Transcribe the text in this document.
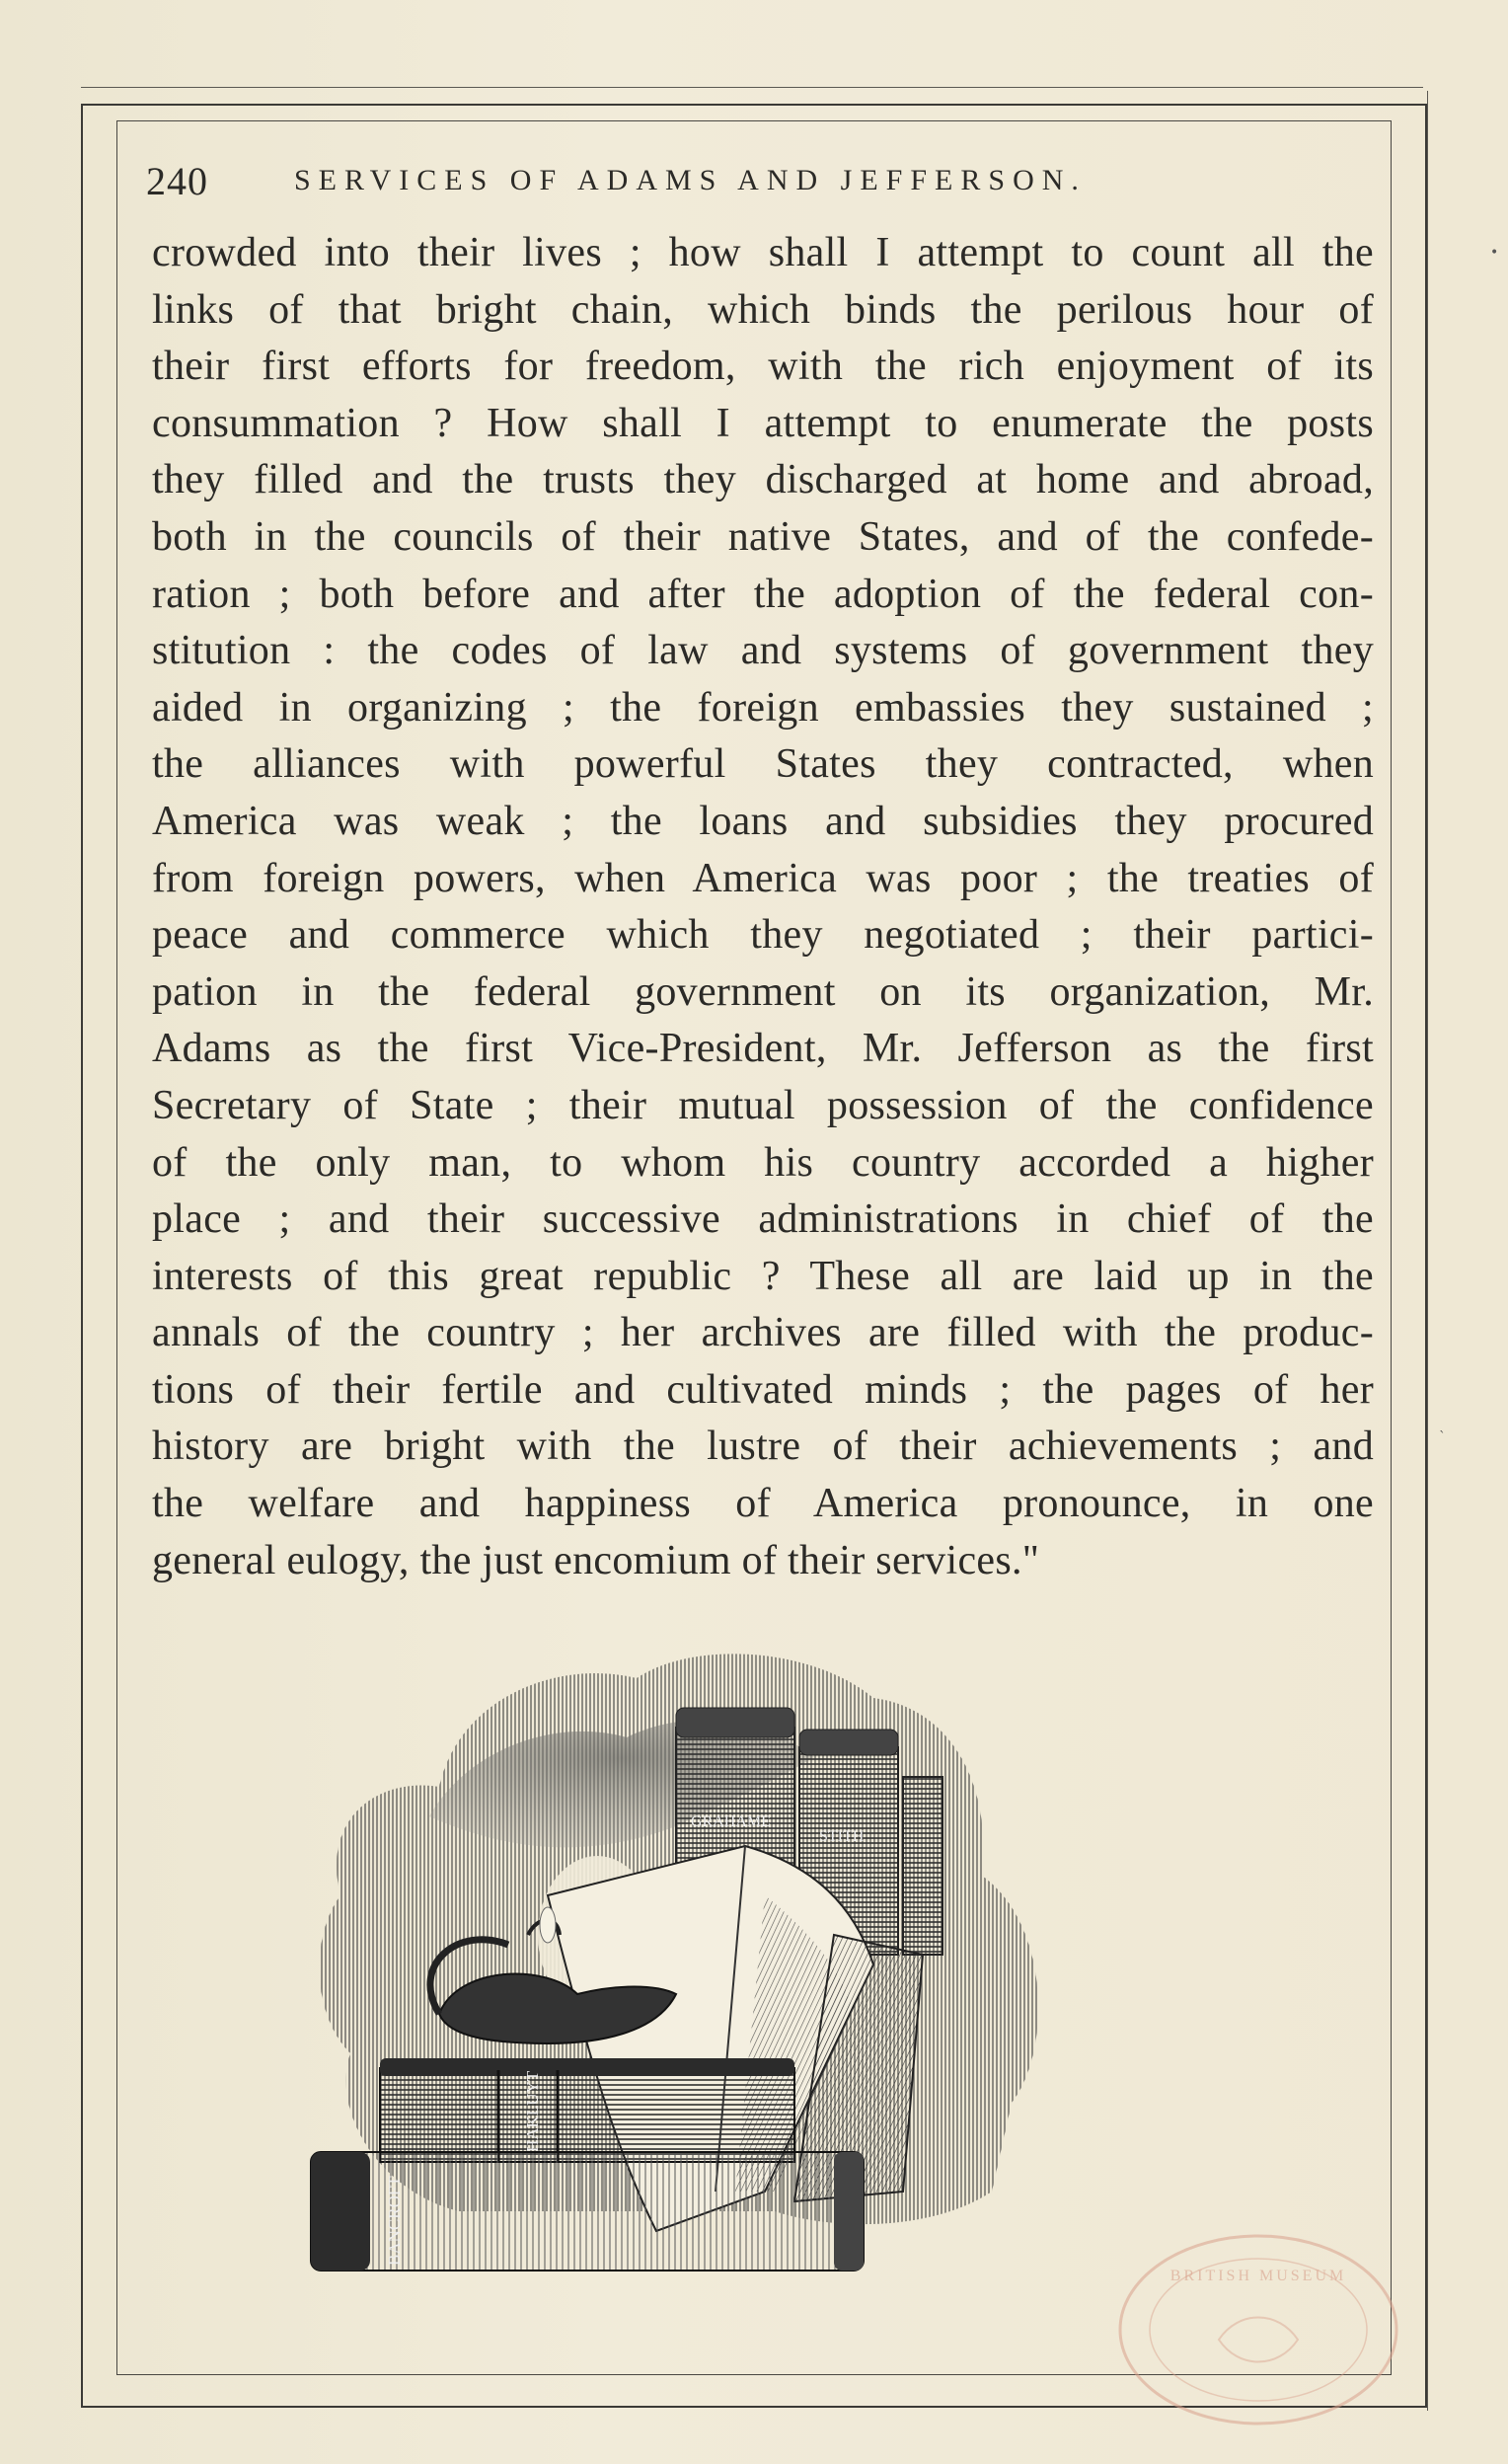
•
`
240	SERVICES OF ADAMS AND JEFFERSON.
crowded into their lives ; how shall I attempt to count all the
links of that bright chain, which binds the perilous hour of
their first efforts for freedom, with the rich enjoyment of its
consummation ? How shall I attempt to enumerate the posts
they filled and the trusts they discharged at home and abroad,
both in the councils of their native States, and of the confede-
ration ; both before and after the adoption of the federal con-
stitution : the codes of law and systems of government they
aided in organizing ; the foreign embassies they sustained ;
the alliances with powerful States they contracted, when
America was weak ; the loans and subsidies they procured
from foreign powers, when America was poor ; the treaties of
peace and commerce which they negotiated ; their partici-
pation in the federal government on its organization, Mr.
Adams as the first Vice-President, Mr. Jefferson as the first
Secretary of State ; their mutual possession of the confidence
of the only man, to whom his country accorded a higher
place ; and their successive administrations in chief of the
interests of this great republic ? These all are laid up in the
annals of the country ; her archives are filled with the produc-
tions of their fertile and cultivated minds ; the pages of her
history are bright with the lustre of their achievements ; and
the welfare and happiness of America pronounce, in one
general eulogy, the just encomium of their services."
GRAHAME
STITH
HAKLUYT
BANCROFT
BRITISH MUSEUM
